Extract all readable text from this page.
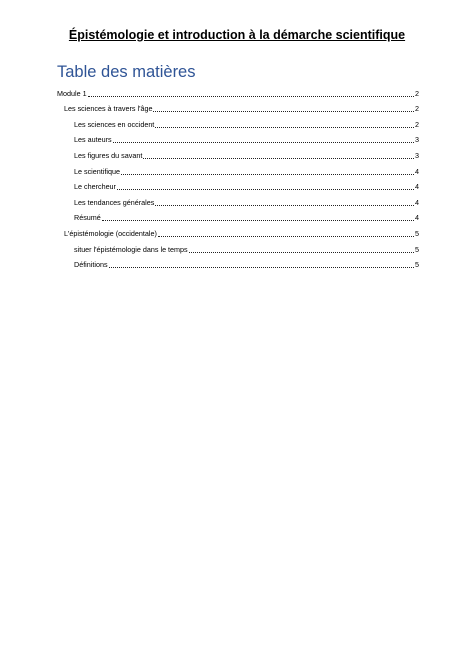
Épistémologie et introduction à la démarche scientifique
Table des matières
Module 1	2
Les sciences à travers l'âge	2
Les sciences en occident	2
Les auteurs	3
Les figures du savant	3
Le scientifique	4
Le chercheur	4
Les tendances générales	4
Résumé	4
L'épistémologie (occidentale)	5
situer l'épistémologie dans le temps	5
Définitions	5
